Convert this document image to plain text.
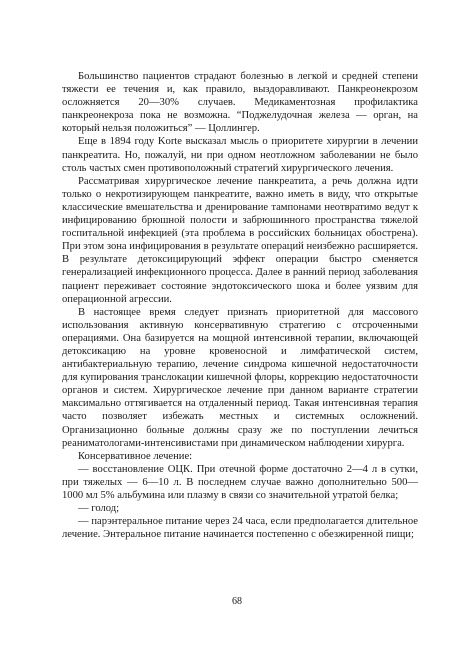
Большинство пациентов страдают болезнью в легкой и средней степени тяжести ее течения и, как правило, выздоравливают. Панкреонекрозом осложняется 20—30% случаев. Медикаментозная профилактика панкреонекроза пока не возможна. “Поджелудочная железа — орган, на который нельзя положиться” — Цоллингер.

Еще в 1894 году Korte высказал мысль о приоритете хирургии в лечении панкреатита. Но, пожалуй, ни при одном неотложном заболевании не было столь частых смен противоположный стратегий хирургического лечения.

Рассматривая хирургическое лечение панкреатита, а речь должна идти только о некротизирующем панкреатите, важно иметь в виду, что открытые классические вмешательства и дренирование тампонами неотвратимо ведут к инфицированию брюшной полости и забрюшинного пространства тяжелой госпитальной инфекцией (эта проблема в российских больницах обострена). При этом зона инфицирования в результате операций неизбежно расширяется. В результате детоксицирующий эффект операции быстро сменяется генерализацией инфекционного процесса. Далее в ранний период заболевания пациент переживает состояние эндотоксического шока и более уязвим для операционной агрессии.

В настоящее время следует признать приоритетной для массового использования активную консервативную стратегию с отсроченными операциями. Она базируется на мощной интенсивной терапии, включающей детоксикацию на уровне кровеносной и лимфатической систем, антибактериальную терапию, лечение синдрома кишечной недостаточности для купирования транслокации кишечной флоры, коррекцию недостаточности органов и систем. Хирургическое лечение при данном варианте стратегии максимально оттягивается на отдаленный период. Такая интенсивная терапия часто позволяет избежать местных и системных осложнений. Организационно больные должны сразу же по поступлении лечиться реаниматологами-интенсивистами при динамическом наблюдении хирурга.

Консервативное лечение:

— восстановление ОЦК. При отечной форме достаточно 2—4 л в сутки, при тяжелых — 6—10 л. В последнем случае важно дополнительно 500—1000 мл 5% альбумина или плазму в связи со значительной утратой белка;

— голод;

— парэнтеральное питание через 24 часа, если предполагается длительное лечение. Энтеральное питание начинается постепенно с обезжиренной пищи;

68
